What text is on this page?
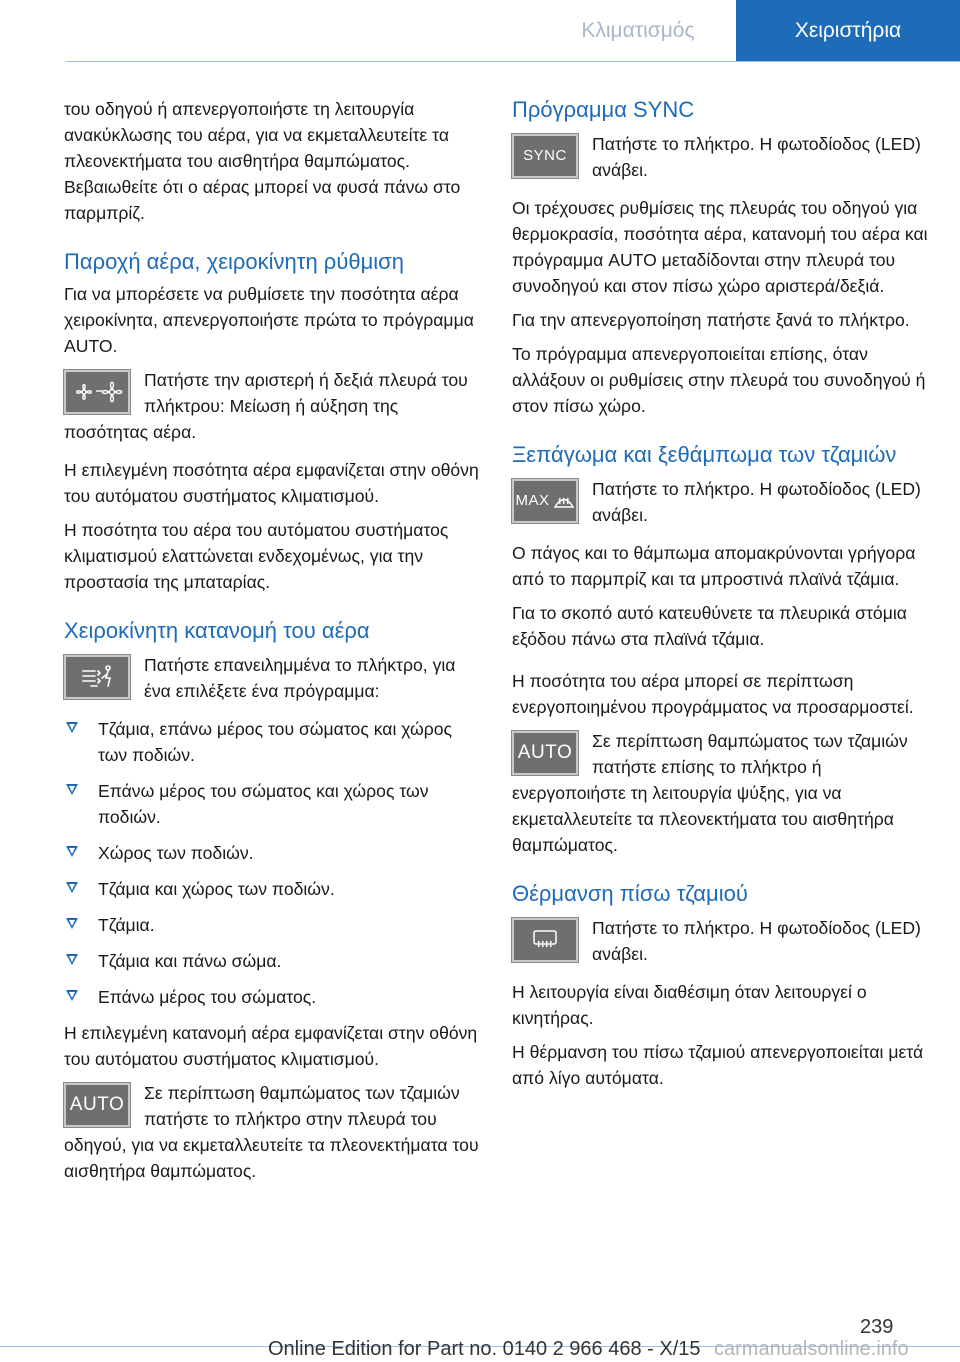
Κλιματισμός	Χειριστήρια

του οδηγού ή απενεργοποιήστε τη λειτουργία ανακύκλωσης του αέρα, για να εκμεταλλευτείτε τα πλεονεκτήματα του αισθητήρα θαμπώματος. Βεβαιωθείτε ότι ο αέρας μπορεί να φυσά πάνω στο παρμπρίζ.

Παροχή αέρα, χειροκίνητη ρύθμιση

Για να μπορέσετε να ρυθμίσετε την ποσότητα αέρα χειροκίνητα, απενεργοποιήστε πρώτα το πρόγραμμα AUTO.

Πατήστε την αριστερή ή δεξιά πλευρά του πλήκτρου: Μείωση ή αύξηση της ποσότητας αέρα.

Η επιλεγμένη ποσότητα αέρα εμφανίζεται στην οθόνη του αυτόματου συστήματος κλιματισμού.

Η ποσότητα του αέρα του αυτόματου συστήματος κλιματισμού ελαττώνεται ενδεχομένως, για την προστασία της μπαταρίας.

Χειροκίνητη κατανομή του αέρα
Πατήστε επανειλημμένα το πλήκτρο, για ένα επιλέξετε ένα πρόγραμμα:
Τζάμια, επάνω μέρος του σώματος και χώρος των ποδιών.
Επάνω μέρος του σώματος και χώρος των ποδιών.
Χώρος των ποδιών.
Τζάμια και χώρος των ποδιών.
Τζάμια.
Τζάμια και πάνω σώμα.
Επάνω μέρος του σώματος.

Η επιλεγμένη κατανομή αέρα εμφανίζεται στην οθόνη του αυτόματου συστήματος κλιματισμού.

AUTO
Σε περίπτωση θαμπώματος των τζαμιών πατήστε το πλήκτρο στην πλευρά του οδηγού, για να εκμεταλλευτείτε τα πλεονεκτήματα του αισθητήρα θαμπώματος.
Πρόγραμμα SYNC
SYNC
Πατήστε το πλήκτρο. Η φωτοδίοδος (LED) ανάβει.

Οι τρέχουσες ρυθμίσεις της πλευράς του οδηγού για θερμοκρασία, ποσότητα αέρα, κατανομή του αέρα και πρόγραμμα AUTO μεταδίδονται στην πλευρά του συνοδηγού και στον πίσω χώρο αριστερά/δεξιά.

Για την απενεργοποίηση πατήστε ξανά το πλήκτρο.

Το πρόγραμμα απενεργοποιείται επίσης, όταν αλλάξουν οι ρυθμίσεις στην πλευρά του συνοδηγού ή στον πίσω χώρο.

Ξεπάγωμα και ξεθάμπωμα των τζαμιών
MAX
Πατήστε το πλήκτρο. Η φωτοδίοδος (LED) ανάβει.

Ο πάγος και το θάμπωμα απομακρύνονται γρήγορα από το παρμπρίζ και τα μπροστινά πλαϊνά τζάμια.

Για το σκοπό αυτό κατευθύνετε τα πλευρικά στόμια εξόδου πάνω στα πλαϊνά τζάμια.

Η ποσότητα του αέρα μπορεί σε περίπτωση ενεργοποιημένου προγράμματος να προσαρμοστεί.

AUTO
Σε περίπτωση θαμπώματος των τζαμιών πατήστε επίσης το πλήκτρο ή ενεργοποιήστε τη λειτουργία ψύξης, για να εκμεταλλευτείτε τα πλεονεκτήματα του αισθητήρα θαμπώματος.
Θέρμανση πίσω τζαμιού
Πατήστε το πλήκτρο. Η φωτοδίοδος (LED) ανάβει.

Η λειτουργία είναι διαθέσιμη όταν λειτουργεί ο κινητήρας.

Η θέρμανση του πίσω τζαμιού απενεργοποιείται μετά από λίγο αυτόματα.

239
Online Edition for Part no. 0140 2 966 468 - X/15 carmanualsonline.info
